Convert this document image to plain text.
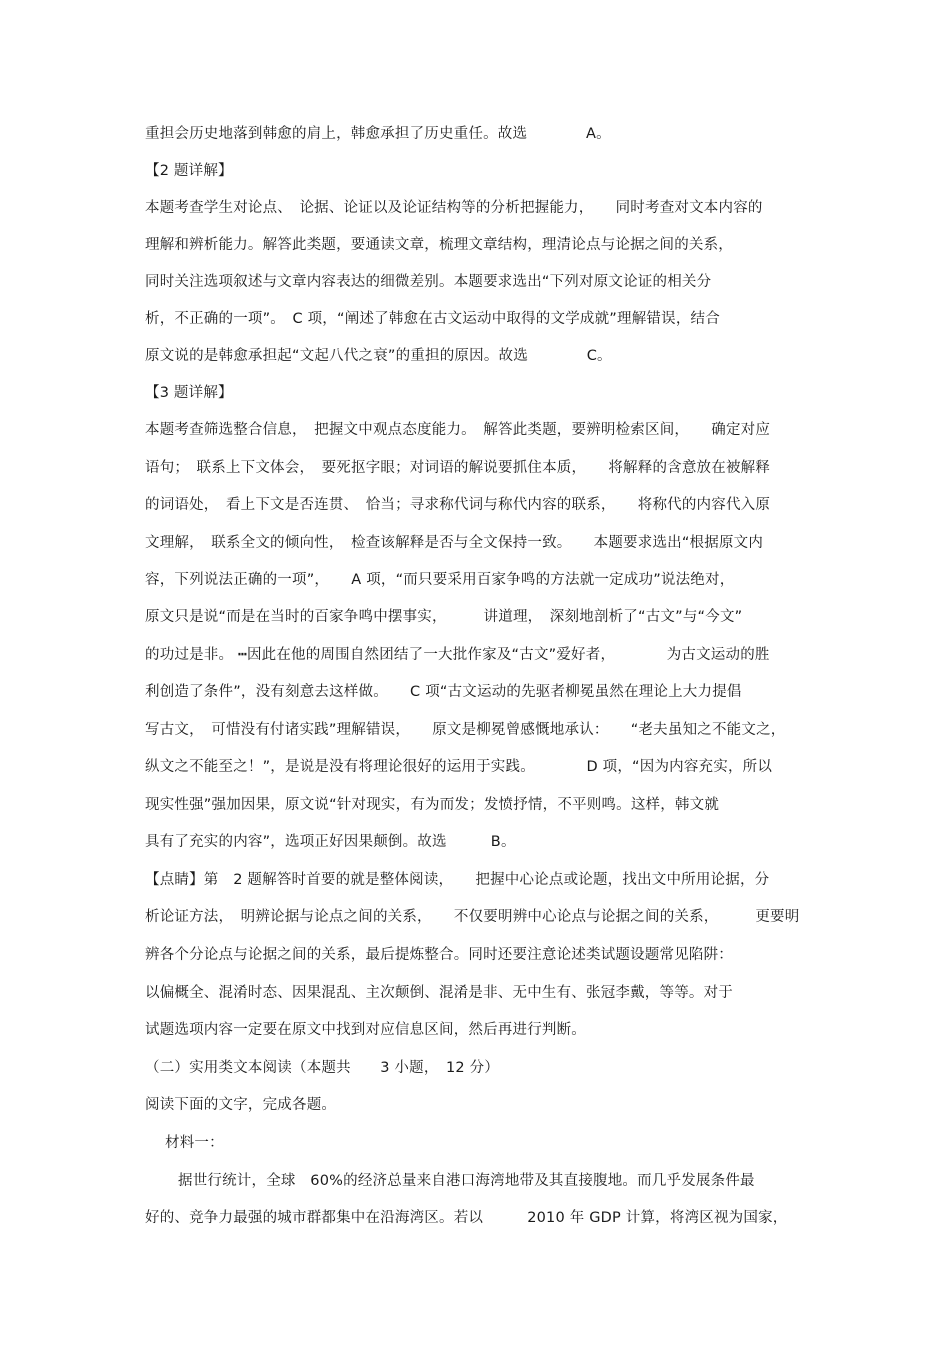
重担会历史地落到韩愈的肩上，韩愈承担了历史重任。故选　　　　A。
【2 题详解】
本题考查学生对论点、　论据、论证以及论证结构等的分析把握能力，　　同时考查对文本内容的
理解和辨析能力。解答此类题，要通读文章，梳理文章结构，理清论点与论据之间的关系，
同时关注选项叙述与文章内容表达的细微差别。本题要求选出“下列对原文论证的相关分
析，不正确的一项”。　C 项，“阐述了韩愈在古文运动中取得的文学成就”理解错误，结合
原文说的是韩愈承担起“文起八代之衰”的重担的原因。故选　　　　C。
【3 题详解】
本题考查筛选整合信息，　把握文中观点态度能力。　解答此类题，要辨明检索区间，　　确定对应
语句；　联系上下文体会，　要死抠字眼；对词语的解说要抓住本质，　　将解释的含意放在被解释
的词语处，　看上下文是否连贯、　恰当；寻求称代词与称代内容的联系，　　将称代的内容代入原
文理解，　联系全文的倾向性，　检查该解释是否与全文保持一致。　　本题要求选出“根据原文内
容，下列说法正确的一项”，　　A 项，“而只要采用百家争鸣的方法就一定成功”说法绝对，
原文只是说“而是在当时的百家争鸣中摆事实，　　　讲道理，　深刻地剖析了“古文”与“今文”
的功过是非。 ┅因此在他的周围自然团结了一大批作家及“古文”爱好者，　　　　为古文运动的胜
利创造了条件”，没有刻意去这样做。　　C 项“古文运动的先驱者柳冕虽然在理论上大力提倡
写古文，　可惜没有付诸实践”理解错误，　　原文是柳冕曾感慨地承认：　　“老夫虽知之不能文之，
纵文之不能至之！”，是说是没有将理论很好的运用于实践。　　　　D 项，“因为内容充实，所以
现实性强”强加因果，原文说“针对现实，有为而发；发愤抒情，不平则鸣。这样，韩文就
具有了充实的内容”，选项正好因果颠倒。故选　　　B。
【点睛】第　2 题解答时首要的就是整体阅读，　　把握中心论点或论题，找出文中所用论据，分
析论证方法，　明辨论据与论点之间的关系，　　不仅要明辨中心论点与论据之间的关系，　　　更要明
辨各个分论点与论据之间的关系，最后提炼整合。同时还要注意论述类试题设题常见陷阱：
以偏概全、混淆时态、因果混乱、主次颠倒、混淆是非、无中生有、张冠李戴，等等。对于
试题选项内容一定要在原文中找到对应信息区间，然后再进行判断。
（二）实用类文本阅读（本题共　　3 小题，　12 分）
阅读下面的文字，完成各题。
材料一：
据世行统计，全球　60%的经济总量来自港口海湾地带及其直接腹地。而几乎发展条件最
好的、竞争力最强的城市群都集中在沿海湾区。若以　　　2010 年 GDP 计算，将湾区视为国家，
